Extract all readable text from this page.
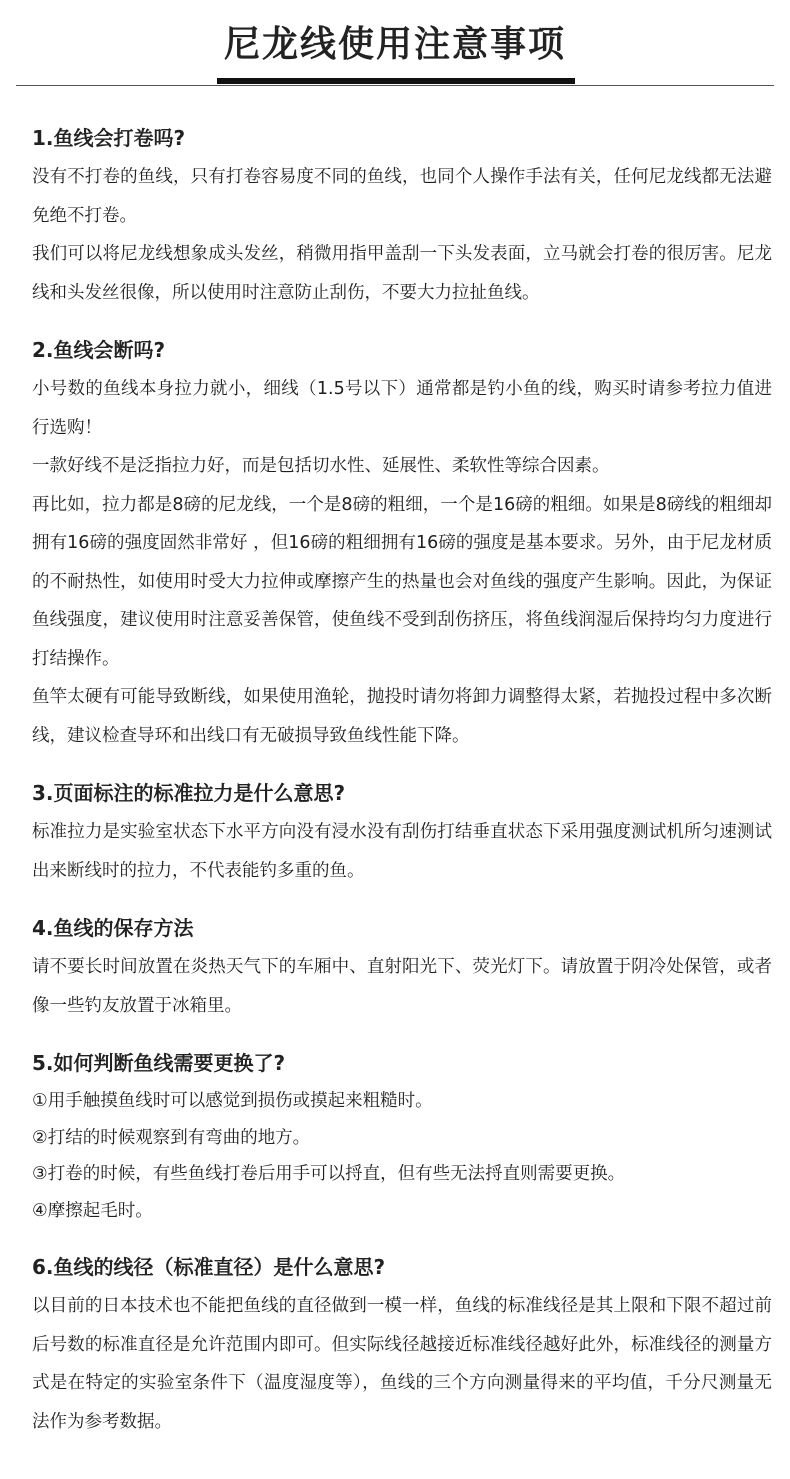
尼龙线使用注意事项
1.鱼线会打卷吗?

没有不打卷的鱼线，只有打卷容易度不同的鱼线，也同个人操作手法有关，任何尼龙线都无法避免绝不打卷。

我们可以将尼龙线想象成头发丝，稍微用指甲盖刮一下头发表面，立马就会打卷的很厉害。尼龙线和头发丝很像，所以使用时注意防止刮伤，不要大力拉扯鱼线。

2.鱼线会断吗?

小号数的鱼线本身拉力就小，细线（1.5号以下）通常都是钓小鱼的线，购买时请参考拉力值进行选购！

一款好线不是泛指拉力好，而是包括切水性、延展性、柔软性等综合因素。

再比如，拉力都是8磅的尼龙线，一个是8磅的粗细，一个是16磅的粗细。如果是8磅线的粗细却拥有16磅的强度固然非常好 ，但16磅的粗细拥有16磅的强度是基本要求。另外，由于尼龙材质的不耐热性，如使用时受大力拉伸或摩擦产生的热量也会对鱼线的强度产生影响。因此，为保证鱼线强度，建议使用时注意妥善保管，使鱼线不受到刮伤挤压，将鱼线润湿后保持均匀力度进行打结操作。

鱼竿太硬有可能导致断线，如果使用渔轮，抛投时请勿将卸力调整得太紧，若抛投过程中多次断线，建议检查导环和出线口有无破损导致鱼线性能下降。

3.页面标注的标准拉力是什么意思?

标准拉力是实验室状态下水平方向没有浸水没有刮伤打结垂直状态下采用强度测试机所匀速测试出来断线时的拉力，不代表能钓多重的鱼。

4.鱼线的保存方法

请不要长时间放置在炎热天气下的车厢中、直射阳光下、荧光灯下。请放置于阴冷处保管，或者像一些钓友放置于冰箱里。

5.如何判断鱼线需要更换了?

①用手触摸鱼线时可以感觉到损伤或摸起来粗糙时。

②打结的时候观察到有弯曲的地方。

③打卷的时候，有些鱼线打卷后用手可以捋直，但有些无法捋直则需要更换。

④摩擦起毛时。

6.鱼线的线径（标准直径）是什么意思?

以目前的日本技术也不能把鱼线的直径做到一模一样，鱼线的标准线径是其上限和下限不超过前后号数的标准直径是允许范围内即可。但实际线径越接近标准线径越好此外，标准线径的测量方式是在特定的实验室条件下（温度湿度等），鱼线的三个方向测量得来的平均值，千分尺测量无法作为参考数据。
